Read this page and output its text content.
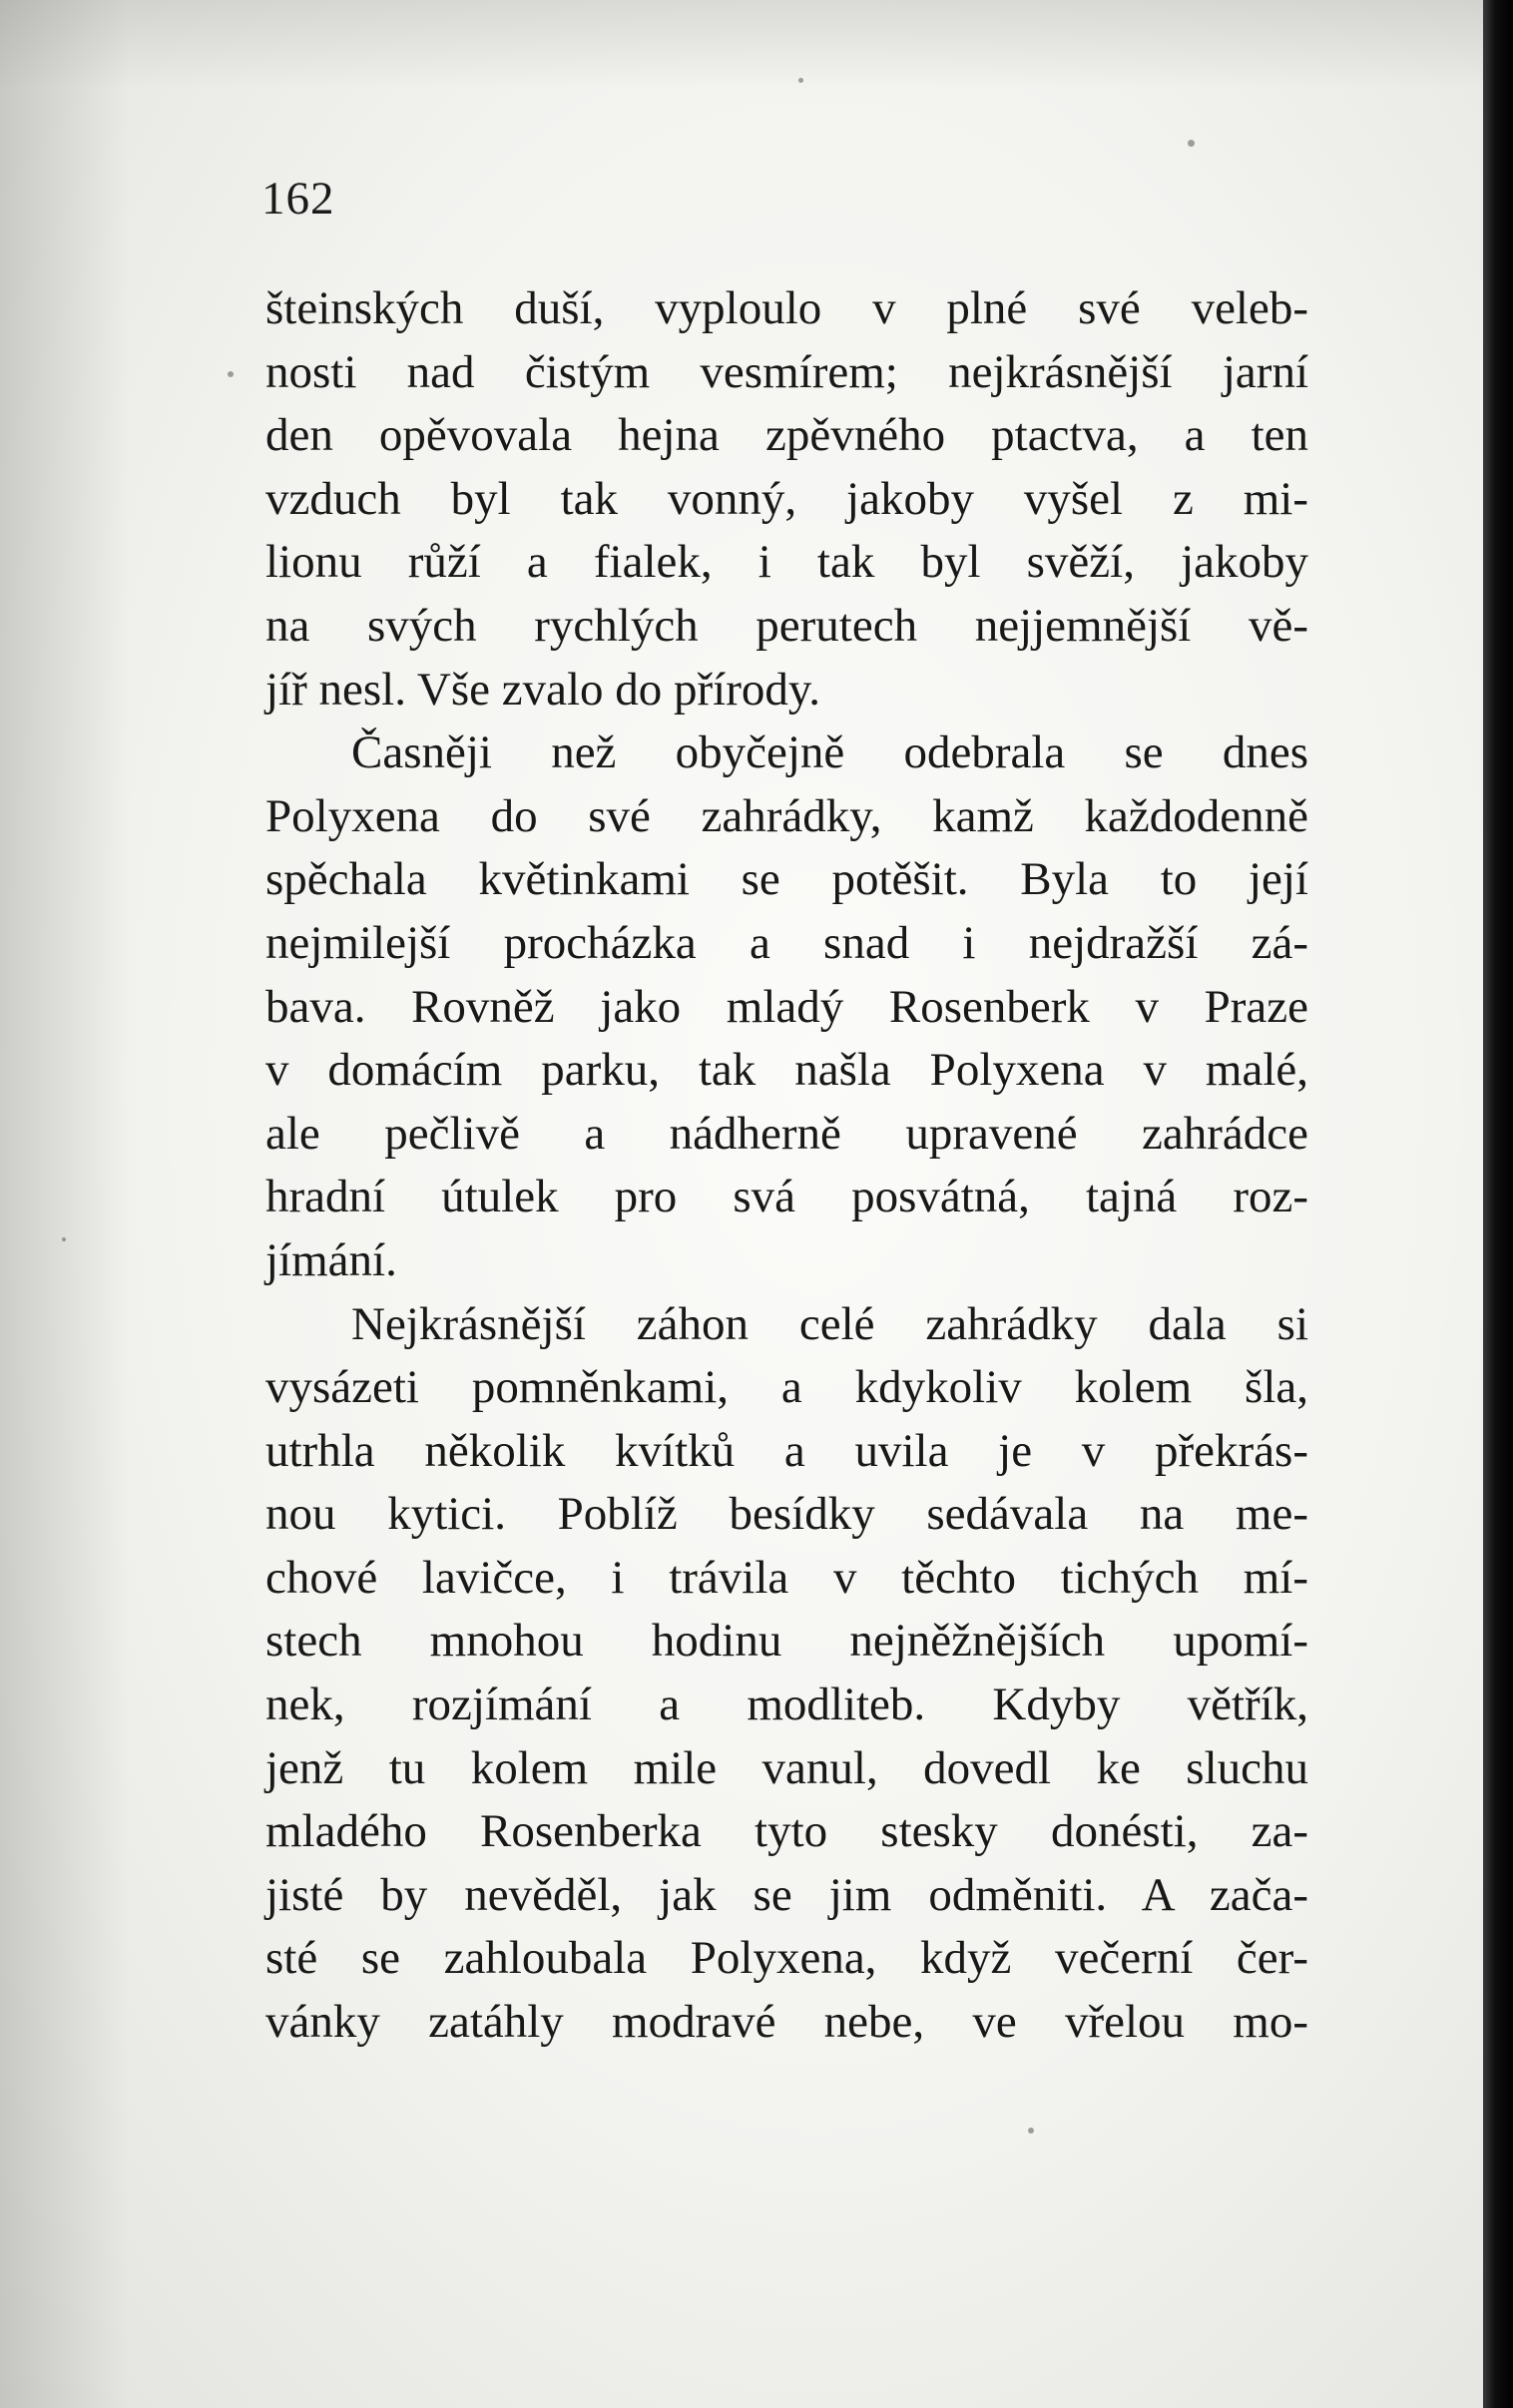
162

šteinských duší, vyploulo v plné své veleb-
nosti nad čistým vesmírem; nejkrásnější jarní
den opěvovala hejna zpěvného ptactva, a ten
vzduch byl tak vonný, jakoby vyšel z mi-
lionu růží a fialek, i tak byl svěží, jakoby
na svých rychlých perutech nejjemnější vě-
jíř nesl. Vše zvalo do přírody.
Časněji než obyčejně odebrala se dnes
Polyxena do své zahrádky, kamž každodenně
spěchala květinkami se potěšit. Byla to její
nejmilejší procházka a snad i nejdražší zá-
bava. Rovněž jako mladý Rosenberk v Praze
v domácím parku, tak našla Polyxena v malé,
ale pečlivě a nádherně upravené zahrádce
hradní útulek pro svá posvátná, tajná roz-
jímání.
Nejkrásnější záhon celé zahrádky dala si
vysázeti pomněnkami, a kdykoliv kolem šla,
utrhla několik kvítků a uvila je v překrás-
nou kytici. Poblíž besídky sedávala na me-
chové lavičce, i trávila v těchto tichých mí-
stech mnohou hodinu nejněžnějších upomí-
nek, rozjímání a modliteb. Kdyby větřík,
jenž tu kolem mile vanul, dovedl ke sluchu
mladého Rosenberka tyto stesky donésti, za-
jisté by nevěděl, jak se jim odměniti. A zača-
sté se zahloubala Polyxena, když večerní čer-
vánky zatáhly modravé nebe, ve vřelou mo-
